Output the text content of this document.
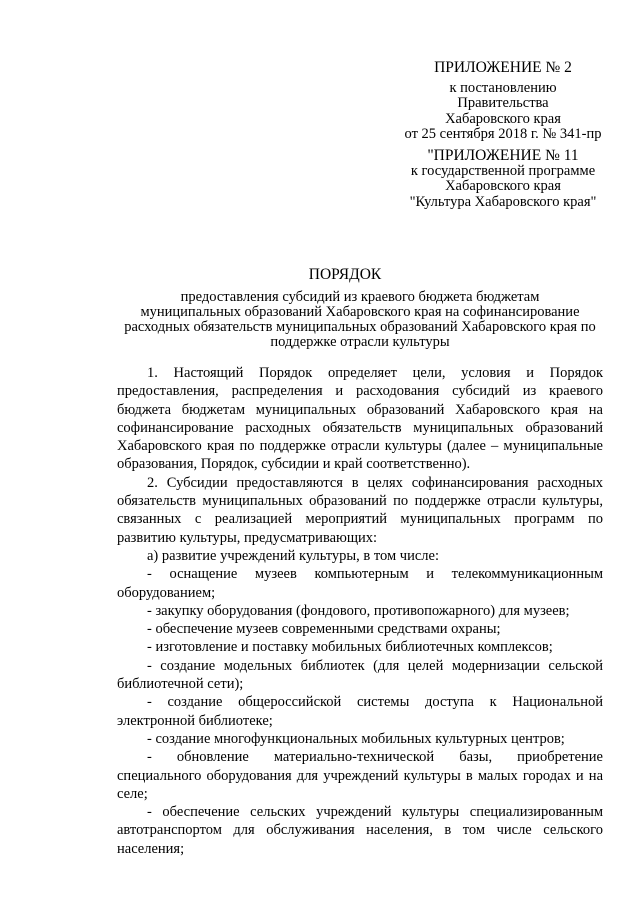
ПРИЛОЖЕНИЕ № 2
к постановлению
Правительства
Хабаровского края
от 25 сентября 2018 г. № 341-пр
"ПРИЛОЖЕНИЕ № 11
к государственной программе
Хабаровского края
"Культура Хабаровского края"
ПОРЯДОК
предоставления субсидий из краевого бюджета бюджетам
муниципальных образований Хабаровского края на софинансирование
расходных обязательств муниципальных образований Хабаровского края по
поддержке отрасли культуры

1. Настоящий Порядок определяет цели, условия и Порядок предоставления, распределения и расходования субсидий из краевого бюджета бюджетам муниципальных образований Хабаровского края на софинансирование расходных обязательств муниципальных образований Хабаровского края по поддержке отрасли культуры (далее – муниципальные образования, Порядок, субсидии и край соответственно).

2. Субсидии предоставляются в целях софинансирования расходных обязательств муниципальных образований по поддержке отрасли культуры, связанных с реализацией мероприятий муниципальных программ по развитию культуры, предусматривающих:

а) развитие учреждений культуры, в том числе:

- оснащение музеев компьютерным и телекоммуникационным оборудованием;

- закупку оборудования (фондового, противопожарного) для музеев;

- обеспечение музеев современными средствами охраны;

- изготовление и поставку мобильных библиотечных комплексов;

- создание модельных библиотек (для целей модернизации сельской библиотечной сети);

- создание общероссийской системы доступа к Национальной электронной библиотеке;

- создание многофункциональных мобильных культурных центров;

- обновление материально-технической базы, приобретение специального оборудования для учреждений культуры в малых городах и на селе;

- обеспечение сельских учреждений культуры специализированным автотранспортом для обслуживания населения, в том числе сельского населения;
